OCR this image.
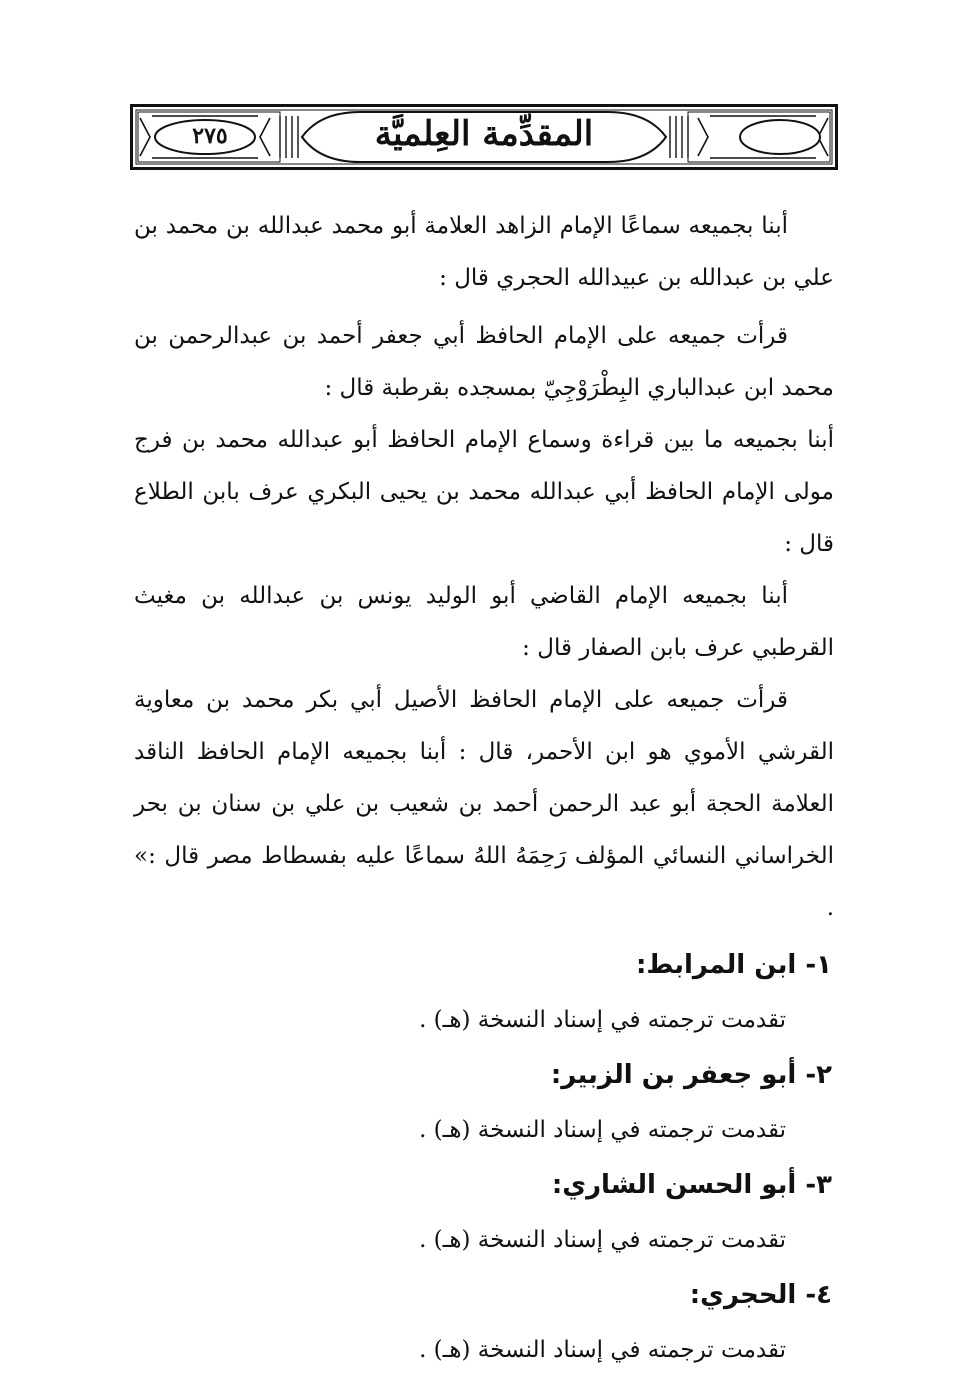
المقدِّمة العِلميَّة
٢٧٥

أبنا بجميعه سماعًا الإمام الزاهد العلامة أبو محمد عبدالله بن محمد بن علي بن عبدالله بن عبيدالله الحجري قال :

قرأت جميعه على الإمام الحافظ أبي جعفر أحمد بن عبدالرحمن بن محمد ابن عبدالباري البِطْرَوْجِيّ بمسجده بقرطبة قال :

أبنا بجميعه ما بين قراءة وسماع الإمام الحافظ أبو عبدالله محمد بن فرج مولى الإمام الحافظ أبي عبدالله محمد بن يحيى البكري عرف بابن الطلاع قال :

أبنا بجميعه الإمام القاضي أبو الوليد يونس بن عبدالله بن مغيث القرطبي عرف بابن الصفار قال :

قرأت جميعه على الإمام الحافظ الأصيل أبي بكر محمد بن معاوية القرشي الأموي هو ابن الأحمر، قال : أبنا بجميعه الإمام الحافظ الناقد العلامة الحجة أبو عبد الرحمن أحمد بن شعيب بن علي بن سنان بن بحر الخراساني النسائي المؤلف رَحِمَهُ اللهُ سماعًا عليه بفسطاط مصر قال :» .

١- ابن المرابط:

تقدمت ترجمته في إسناد النسخة (هـ) .

٢- أبو جعفر بن الزبير:

تقدمت ترجمته في إسناد النسخة (هـ) .

٣- أبو الحسن الشاري:

تقدمت ترجمته في إسناد النسخة (هـ) .

٤- الحجري:

تقدمت ترجمته في إسناد النسخة (هـ) .
